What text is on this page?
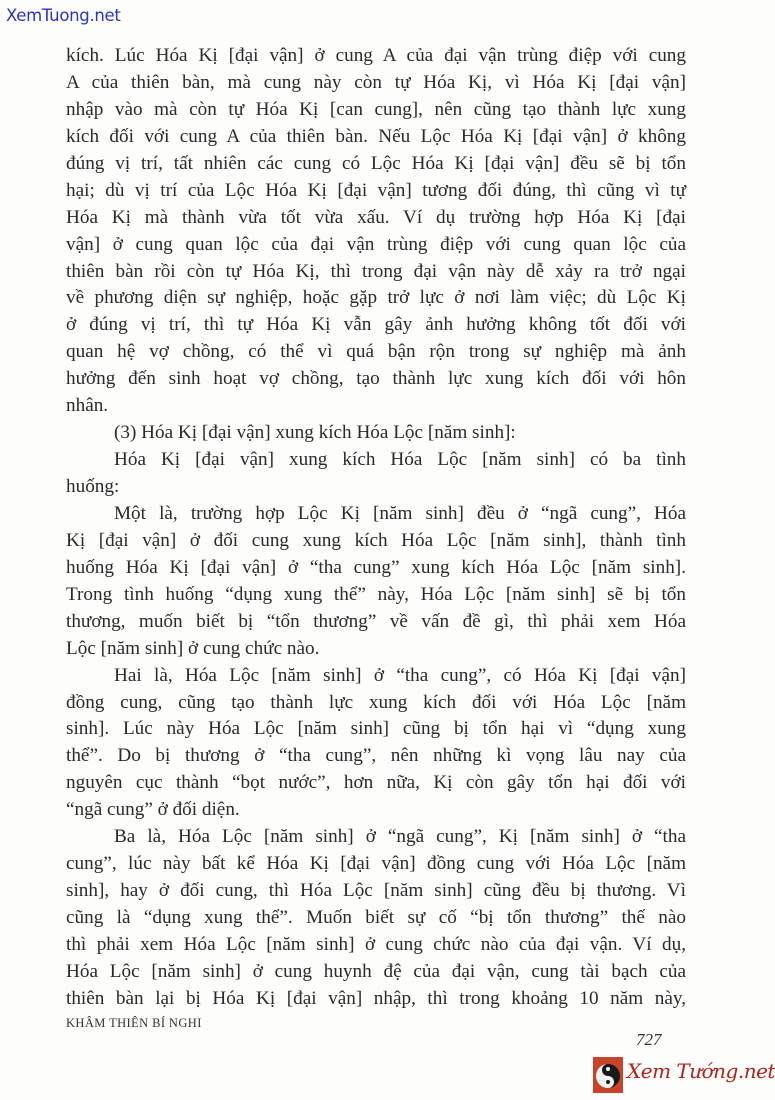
XemTuong.net
kích. Lúc Hóa Kị [đại vận] ở cung A của đại vận trùng điệp với cung
A của thiên bàn, mà cung này còn tự Hóa Kị, vì Hóa Kị [đại vận]
nhập vào mà còn tự Hóa Kị [can cung], nên cũng tạo thành lực xung
kích đối với cung A của thiên bàn. Nếu Lộc Hóa Kị [đại vận] ở không
đúng vị trí, tất nhiên các cung có Lộc Hóa Kị [đại vận] đều sẽ bị tổn
hại; dù vị trí của Lộc Hóa Kị [đại vận] tương đối đúng, thì cũng vì tự
Hóa Kị mà thành vừa tốt vừa xấu. Ví dụ trường hợp Hóa Kị [đại
vận] ở cung quan lộc của đại vận trùng điệp với cung quan lộc của
thiên bàn rồi còn tự Hóa Kị, thì trong đại vận này dễ xảy ra trở ngại
về phương diện sự nghiệp, hoặc gặp trở lực ở nơi làm việc; dù Lộc Kị
ở đúng vị trí, thì tự Hóa Kị vẫn gây ảnh hưởng không tốt đối với
quan hệ vợ chồng, có thể vì quá bận rộn trong sự nghiệp mà ảnh
hưởng đến sinh hoạt vợ chồng, tạo thành lực xung kích đối với hôn
nhân.
(3) Hóa Kị [đại vận] xung kích Hóa Lộc [năm sinh]:
Hóa Kị [đại vận] xung kích Hóa Lộc [năm sinh] có ba tình
huống:
Một là, trường hợp Lộc Kị [năm sinh] đều ở “ngã cung”, Hóa
Kị [đại vận] ở đối cung xung kích Hóa Lộc [năm sinh], thành tình
huống Hóa Kị [đại vận] ở “tha cung” xung kích Hóa Lộc [năm sinh].
Trong tình huống “dụng xung thể” này, Hóa Lộc [năm sinh] sẽ bị tổn
thương, muốn biết bị “tổn thương” về vấn đề gì, thì phải xem Hóa
Lộc [năm sinh] ở cung chức nào.
Hai là, Hóa Lộc [năm sinh] ở “tha cung”, có Hóa Kị [đại vận]
đồng cung, cũng tạo thành lực xung kích đối với Hóa Lộc [năm
sinh]. Lúc này Hóa Lộc [năm sinh] cũng bị tổn hại vì “dụng xung
thể”. Do bị thương ở “tha cung”, nên những kì vọng lâu nay của
nguyên cục thành “bọt nước”, hơn nữa, Kị còn gây tổn hại đối với
“ngã cung” ở đối diện.
Ba là, Hóa Lộc [năm sinh] ở “ngã cung”, Kị [năm sinh] ở “tha
cung”, lúc này bất kể Hóa Kị [đại vận] đồng cung với Hóa Lộc [năm
sinh], hay ở đối cung, thì Hóa Lộc [năm sinh] cũng đều bị thương. Vì
cũng là “dụng xung thể”. Muốn biết sự cố “bị tổn thương” thế nào
thì phải xem Hóa Lộc [năm sinh] ở cung chức nào của đại vận. Ví dụ,
Hóa Lộc [năm sinh] ở cung huynh đệ của đại vận, cung tài bạch của
thiên bàn lại bị Hóa Kị [đại vận] nhập, thì trong khoảng 10 năm này,
KHÂM THIÊN BÍ NGHI
727
Xem Tướng.net
